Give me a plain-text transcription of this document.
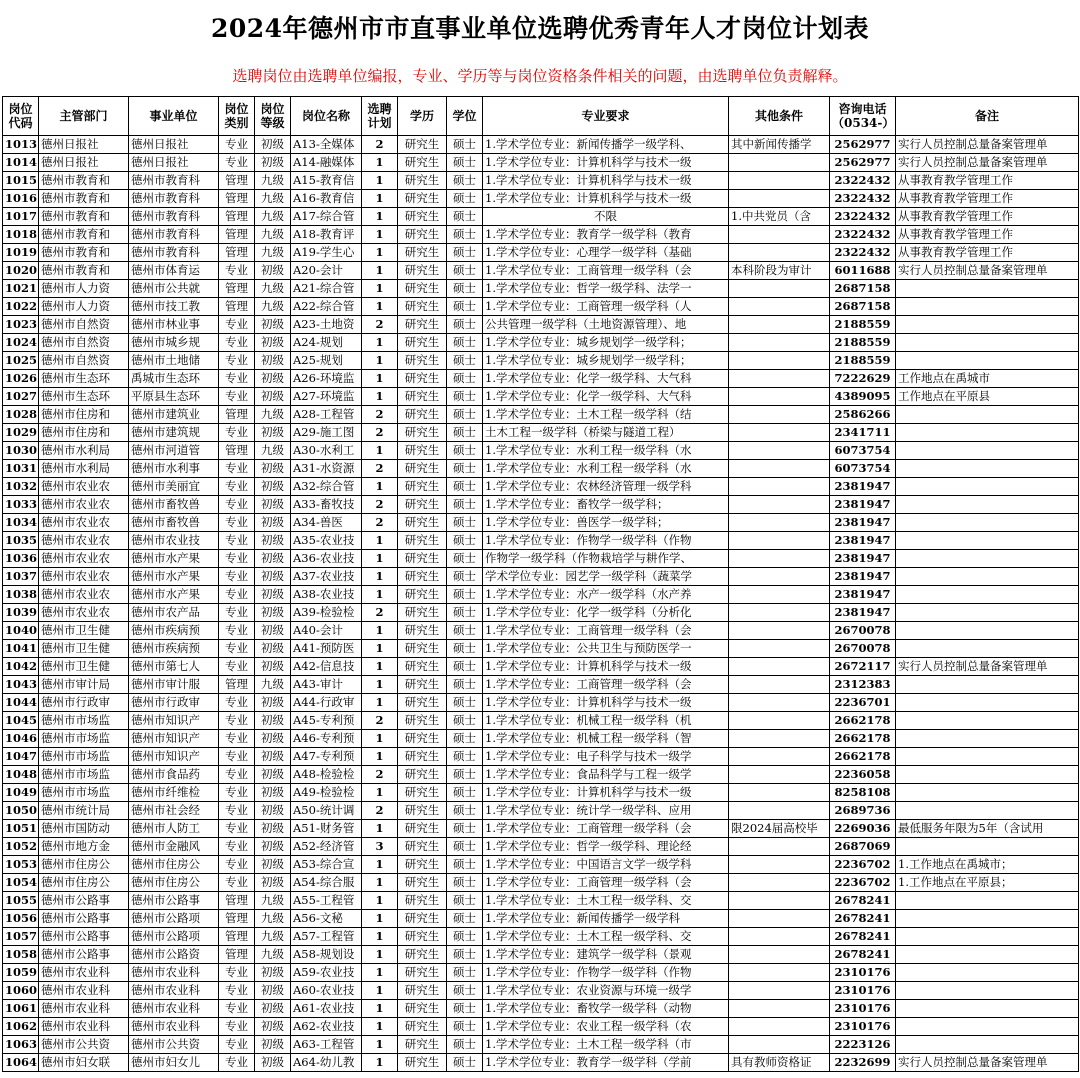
2024年德州市市直事业单位选聘优秀青年人才岗位计划表
选聘岗位由选聘单位编报，专业、学历等与岗位资格条件相关的问题，由选聘单位负责解释。
岗位代码	主管部门	事业单位	岗位类别	岗位等级	岗位名称	选聘计划	学历	学位	专业要求	其他条件	咨询电话（0534-）	备注
1013	德州日报社	德州日报社	专业	初级	A13-全媒体	2	研究生	硕士	1.学术学位专业：新闻传播学一级学科、	其中新闻传播学	2562977	实行人员控制总量备案管理单
1014	德州日报社	德州日报社	专业	初级	A14-融媒体	1	研究生	硕士	1.学术学位专业：计算机科学与技术一级		2562977	实行人员控制总量备案管理单
1015	德州市教育和	德州市教育科	管理	九级	A15-教育信	1	研究生	硕士	1.学术学位专业：计算机科学与技术一级		2322432	从事教育教学管理工作
1016	德州市教育和	德州市教育科	管理	九级	A16-教育信	1	研究生	硕士	1.学术学位专业：计算机科学与技术一级		2322432	从事教育教学管理工作
1017	德州市教育和	德州市教育科	管理	九级	A17-综合管	1	研究生	硕士	不限	1.中共党员（含	2322432	从事教育教学管理工作
1018	德州市教育和	德州市教育科	管理	九级	A18-教育评	1	研究生	硕士	1.学术学位专业：教育学一级学科（教育		2322432	从事教育教学管理工作
1019	德州市教育和	德州市教育科	管理	九级	A19-学生心	1	研究生	硕士	1.学术学位专业：心理学一级学科（基础		2322432	从事教育教学管理工作
1020	德州市教育和	德州市体育运	专业	初级	A20-会计	1	研究生	硕士	1.学术学位专业：工商管理一级学科（会	本科阶段为审计	6011688	实行人员控制总量备案管理单
1021	德州市人力资	德州市公共就	管理	九级	A21-综合管	1	研究生	硕士	1.学术学位专业：哲学一级学科、法学一		2687158	
1022	德州市人力资	德州市技工教	管理	九级	A22-综合管	1	研究生	硕士	1.学术学位专业：工商管理一级学科（人		2687158	
1023	德州市自然资	德州市林业事	专业	初级	A23-土地资	2	研究生	硕士	公共管理一级学科（土地资源管理）、地		2188559	
1024	德州市自然资	德州市城乡规	专业	初级	A24-规划	1	研究生	硕士	1.学术学位专业：城乡规划学一级学科；		2188559	
1025	德州市自然资	德州市土地储	专业	初级	A25-规划	1	研究生	硕士	1.学术学位专业：城乡规划学一级学科；		2188559	
1026	德州市生态环	禹城市生态环	专业	初级	A26-环境监	1	研究生	硕士	1.学术学位专业：化学一级学科、大气科		7222629	工作地点在禹城市
1027	德州市生态环	平原县生态环	专业	初级	A27-环境监	1	研究生	硕士	1.学术学位专业：化学一级学科、大气科		4389095	工作地点在平原县
1028	德州市住房和	德州市建筑业	管理	九级	A28-工程管	2	研究生	硕士	1.学术学位专业：土木工程一级学科（结		2586266	
1029	德州市住房和	德州市建筑规	专业	初级	A29-施工图	2	研究生	硕士	土木工程一级学科（桥梁与隧道工程）		2341711	
1030	德州市水利局	德州市河道管	管理	九级	A30-水利工	1	研究生	硕士	1.学术学位专业：水利工程一级学科（水		6073754	
1031	德州市水利局	德州市水利事	专业	初级	A31-水资源	2	研究生	硕士	1.学术学位专业：水利工程一级学科（水		6073754	
1032	德州市农业农	德州市美丽宜	专业	初级	A32-综合管	1	研究生	硕士	1.学术学位专业：农林经济管理一级学科		2381947	
1033	德州市农业农	德州市畜牧兽	专业	初级	A33-畜牧技	2	研究生	硕士	1.学术学位专业：畜牧学一级学科；		2381947	
1034	德州市农业农	德州市畜牧兽	专业	初级	A34-兽医	2	研究生	硕士	1.学术学位专业：兽医学一级学科；		2381947	
1035	德州市农业农	德州市农业技	专业	初级	A35-农业技	1	研究生	硕士	1.学术学位专业：作物学一级学科（作物		2381947	
1036	德州市农业农	德州市水产果	专业	初级	A36-农业技	1	研究生	硕士	作物学一级学科（作物栽培学与耕作学、		2381947	
1037	德州市农业农	德州市水产果	专业	初级	A37-农业技	1	研究生	硕士	学术学位专业：园艺学一级学科（蔬菜学		2381947	
1038	德州市农业农	德州市水产果	专业	初级	A38-农业技	1	研究生	硕士	1.学术学位专业：水产一级学科（水产养		2381947	
1039	德州市农业农	德州市农产品	专业	初级	A39-检验检	2	研究生	硕士	1.学术学位专业：化学一级学科（分析化		2381947	
1040	德州市卫生健	德州市疾病预	专业	初级	A40-会计	1	研究生	硕士	1.学术学位专业：工商管理一级学科（会		2670078	
1041	德州市卫生健	德州市疾病预	专业	初级	A41-预防医	1	研究生	硕士	1.学术学位专业：公共卫生与预防医学一		2670078	
1042	德州市卫生健	德州市第七人	专业	初级	A42-信息技	1	研究生	硕士	1.学术学位专业：计算机科学与技术一级		2672117	实行人员控制总量备案管理单
1043	德州市审计局	德州市审计服	管理	九级	A43-审计	1	研究生	硕士	1.学术学位专业：工商管理一级学科（会		2312383	
1044	德州市行政审	德州市行政审	专业	初级	A44-行政审	1	研究生	硕士	1.学术学位专业：计算机科学与技术一级		2236701	
1045	德州市市场监	德州市知识产	专业	初级	A45-专利预	2	研究生	硕士	1.学术学位专业：机械工程一级学科（机		2662178	
1046	德州市市场监	德州市知识产	专业	初级	A46-专利预	1	研究生	硕士	1.学术学位专业：机械工程一级学科（智		2662178	
1047	德州市市场监	德州市知识产	专业	初级	A47-专利预	1	研究生	硕士	1.学术学位专业：电子科学与技术一级学		2662178	
1048	德州市市场监	德州市食品药	专业	初级	A48-检验检	2	研究生	硕士	1.学术学位专业：食品科学与工程一级学		2236058	
1049	德州市市场监	德州市纤维检	专业	初级	A49-检验检	1	研究生	硕士	1.学术学位专业：计算机科学与技术一级		8258108	
1050	德州市统计局	德州市社会经	专业	初级	A50-统计调	2	研究生	硕士	1.学术学位专业：统计学一级学科、应用		2689736	
1051	德州市国防动	德州市人防工	专业	初级	A51-财务管	1	研究生	硕士	1.学术学位专业：工商管理一级学科（会	限2024届高校毕	2269036	最低服务年限为5年（含试用
1052	德州市地方金	德州市金融风	专业	初级	A52-经济管	3	研究生	硕士	1.学术学位专业：哲学一级学科、理论经		2687069	
1053	德州市住房公	德州市住房公	专业	初级	A53-综合宣	1	研究生	硕士	1.学术学位专业：中国语言文学一级学科		2236702	1.工作地点在禹城市；
1054	德州市住房公	德州市住房公	专业	初级	A54-综合服	1	研究生	硕士	1.学术学位专业：工商管理一级学科（会		2236702	1.工作地点在平原县；
1055	德州市公路事	德州市公路事	管理	九级	A55-工程管	1	研究生	硕士	1.学术学位专业：土木工程一级学科、交		2678241	
1056	德州市公路事	德州市公路项	管理	九级	A56-文秘	1	研究生	硕士	1.学术学位专业：新闻传播学一级学科		2678241	
1057	德州市公路事	德州市公路项	管理	九级	A57-工程管	1	研究生	硕士	1.学术学位专业：土木工程一级学科、交		2678241	
1058	德州市公路事	德州市公路资	管理	九级	A58-规划设	1	研究生	硕士	1.学术学位专业：建筑学一级学科（景观		2678241	
1059	德州市农业科	德州市农业科	专业	初级	A59-农业技	1	研究生	硕士	1.学术学位专业：作物学一级学科（作物		2310176	
1060	德州市农业科	德州市农业科	专业	初级	A60-农业技	1	研究生	硕士	1.学术学位专业：农业资源与环境一级学		2310176	
1061	德州市农业科	德州市农业科	专业	初级	A61-农业技	1	研究生	硕士	1.学术学位专业：畜牧学一级学科（动物		2310176	
1062	德州市农业科	德州市农业科	专业	初级	A62-农业技	1	研究生	硕士	1.学术学位专业：农业工程一级学科（农		2310176	
1063	德州市公共资	德州市公共资	专业	初级	A63-工程管	1	研究生	硕士	1.学术学位专业：土木工程一级学科（市		2223126	
1064	德州市妇女联	德州市妇女儿	专业	初级	A64-幼儿教	1	研究生	硕士	1.学术学位专业：教育学一级学科（学前	具有教师资格证	2232699	实行人员控制总量备案管理单
